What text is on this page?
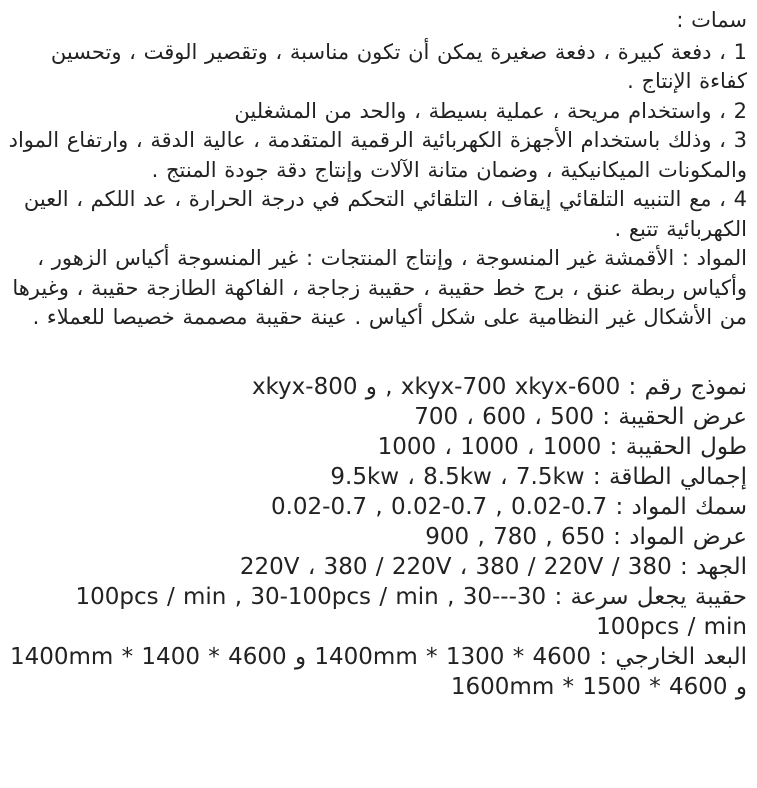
سمات :

1 ، دفعة كبيرة ، دفعة صغيرة يمكن أن تكون مناسبة ، وتقصير الوقت ، وتحسين كفاءة الإنتاج .

2 ، واستخدام مريحة ، عملية بسيطة ، والحد من المشغلين

3 ، وذلك باستخدام الأجهزة الكهربائية الرقمية المتقدمة ، عالية الدقة ، وارتفاع المواد والمكونات الميكانيكية ، وضمان متانة الآلات وإنتاج دقة جودة المنتج .

4 ، مع التنبيه التلقائي إيقاف ، التلقائي التحكم في درجة الحرارة ، عد اللكم ، العين الكهربائية تتبع .

المواد : الأقمشة غير المنسوجة ، وإنتاج المنتجات : غير المنسوجة أكياس الزهور ، وأكياس ربطة عنق ، برج خط حقيبة ، حقيبة زجاجة ، الفاكهة الطازجة حقيبة ، وغيرها من الأشكال غير النظامية على شكل أكياس . عينة حقيبة مصممة خصيصا للعملاء .

نموذج رقم : xkyx-700 xkyx-600 , و xkyx-800

عرض الحقيبة : 500 ، 600 ، 700

طول الحقيبة : 1000 ، 1000 ، 1000

إجمالي الطاقة : 9.5kw ، 8.5kw ، 7.5kw

سمك المواد : 0.7-0.02 , 0.7-0.02 , 0.7-0.02

عرض المواد : 650 , 780 , 900

الجهد : 380 / 220V ، 380 / 220V ، 380 / 220V

حقيبة يجعل سرعة : 30--100pcs / min , 30-100pcs / min , 30-100pcs / min

البعد الخارجي : 4600 * 1300 * 1400mm و 4600 * 1400 * 1400mm و 4600 * 1500 * 1600mm
